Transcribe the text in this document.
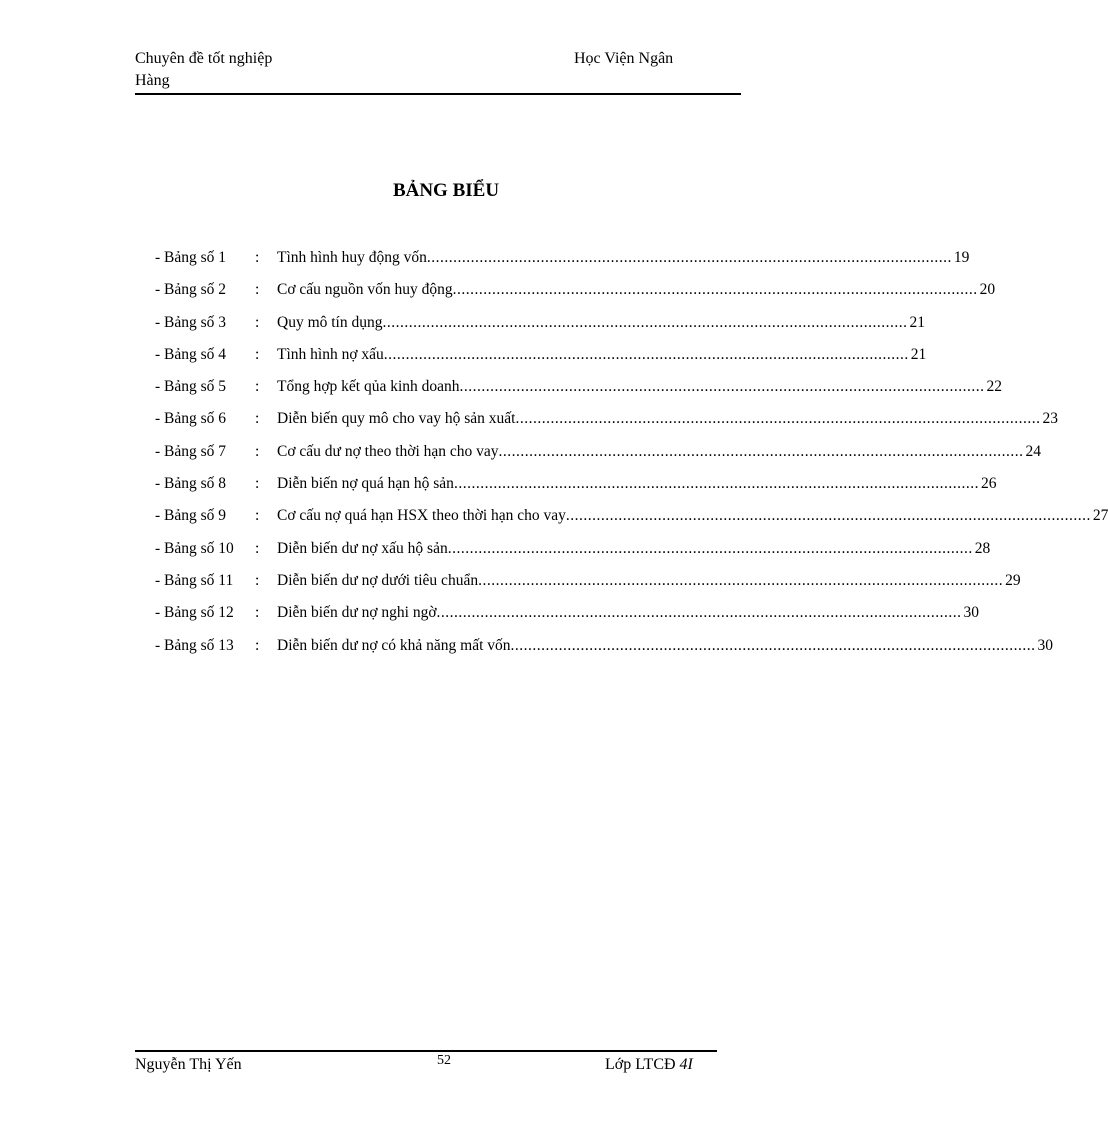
Chuyên đề tốt nghiệp
Hàng
Học Viện Ngân
BẢNG BIỂU
- Bảng số 1	:	Tình hình huy động vốn........................................................................................................................ 19
- Bảng số 2	:	Cơ cấu nguồn vốn huy động........................................................................................................................ 20
- Bảng số 3	:	Quy mô tín dụng........................................................................................................................ 21
- Bảng số 4	:	Tình hình nợ xấu........................................................................................................................ 21
- Bảng số 5	:	Tổng hợp kết qủa kinh doanh........................................................................................................................ 22
- Bảng số 6	:	Diễn biến quy mô cho vay hộ sản xuất........................................................................................................................ 23
- Bảng số 7	:	Cơ cấu dư nợ theo thời hạn cho vay........................................................................................................................ 24
- Bảng số 8	:	Diễn biến nợ quá hạn hộ sản........................................................................................................................ 26
- Bảng số 9	:	Cơ cấu nợ quá hạn HSX theo thời hạn cho vay........................................................................................................................ 27
- Bảng số 10	:	Diễn biến dư nợ xấu hộ sản........................................................................................................................ 28
- Bảng số 11	:	Diễn biến dư nợ dưới tiêu chuẩn........................................................................................................................ 29
- Bảng số 12	:	Diễn biến dư nợ nghi ngờ........................................................................................................................ 30
- Bảng số 13	:	Diễn biến dư nợ có khả năng mất vốn........................................................................................................................ 30
Nguyễn Thị Yến	52	Lớp LTCĐ 4I
